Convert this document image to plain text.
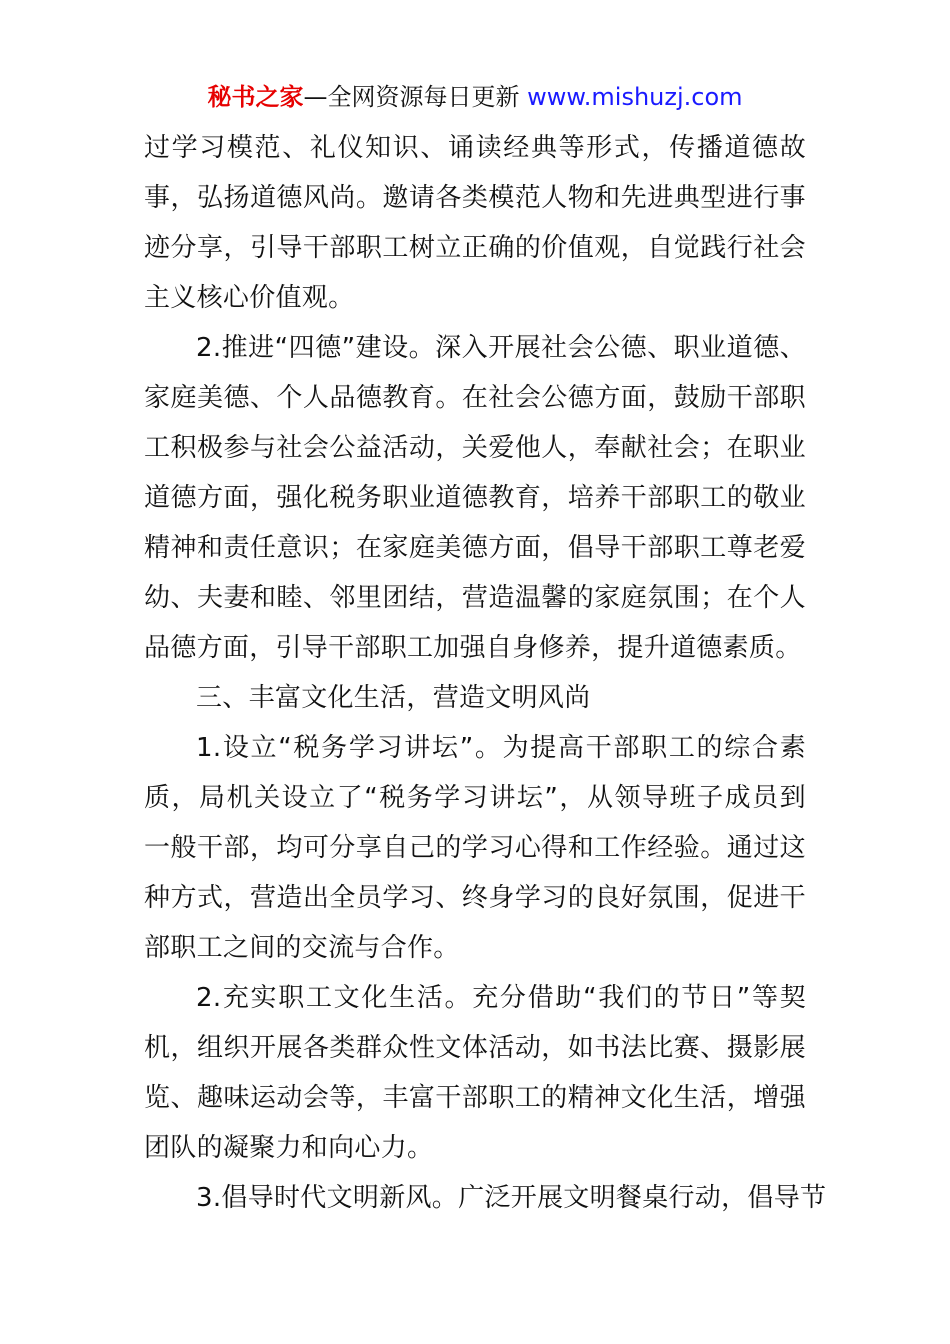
秘书之家—全网资源每日更新 www.mishuzj.com
过学习模范、礼仪知识、诵读经典等形式，传播道德故
事，弘扬道德风尚。邀请各类模范人物和先进典型进行事
迹分享，引导干部职工树立正确的价值观，自觉践行社会
主义核心价值观。
2.推进“四德”建设。深入开展社会公德、职业道德、
家庭美德、个人品德教育。在社会公德方面，鼓励干部职
工积极参与社会公益活动，关爱他人，奉献社会；在职业
道德方面，强化税务职业道德教育，培养干部职工的敬业
精神和责任意识；在家庭美德方面，倡导干部职工尊老爱
幼、夫妻和睦、邻里团结，营造温馨的家庭氛围；在个人
品德方面，引导干部职工加强自身修养，提升道德素质。
三、丰富文化生活，营造文明风尚
1.设立“税务学习讲坛”。为提高干部职工的综合素
质，局机关设立了“税务学习讲坛”，从领导班子成员到
一般干部，均可分享自己的学习心得和工作经验。通过这
种方式，营造出全员学习、终身学习的良好氛围，促进干
部职工之间的交流与合作。
2.充实职工文化生活。充分借助“我们的节日”等契
机，组织开展各类群众性文体活动，如书法比赛、摄影展
览、趣味运动会等，丰富干部职工的精神文化生活，增强
团队的凝聚力和向心力。
3.倡导时代文明新风。广泛开展文明餐桌行动，倡导节
